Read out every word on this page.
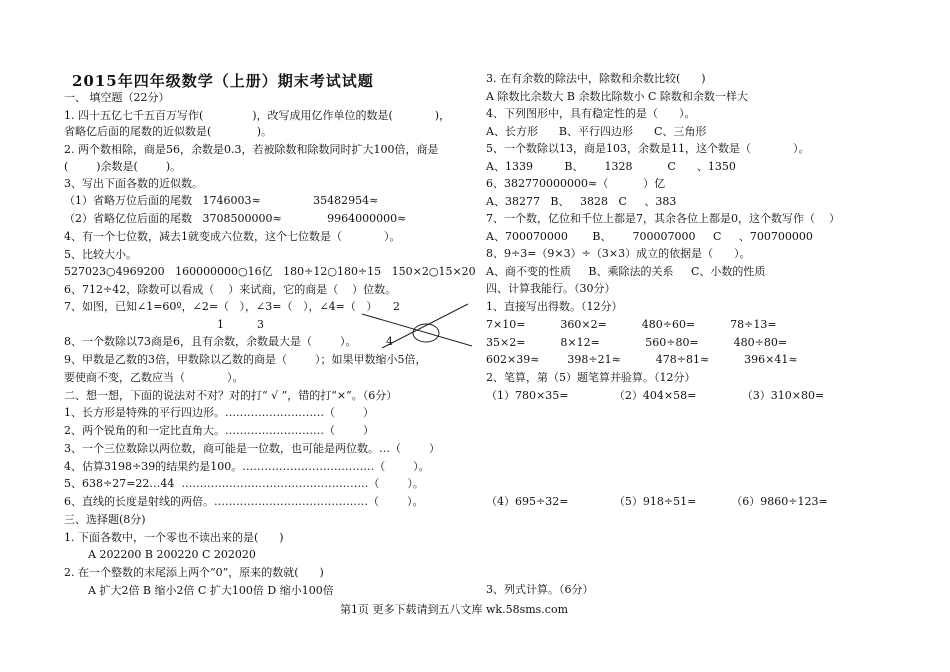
2015年四年级数学（上册）期末考试试题
一、 填空题（22分）
1. 四十五亿七千五百万写作(              )，改写成用亿作单位的数是(            )，
省略亿后面的尾数的近似数是(             )。
2. 两个数相除，商是56，余数是0.3，若被除数和除数同时扩大100倍，商是
(        )余数是(        )。
3、写出下面各数的近似数。
（1）省略万位后面的尾数   1746003≈               35482954≈
（2）省略亿位后面的尾数   3708500000≈             9964000000≈
4、有一个七位数，减去1就变成六位数，这个七位数是（            ）。
5、比较大小。
527023○4969200   160000000○16亿   180÷12○180÷15   150×2○15×20
6、712÷42，除数可以看成（    ）来试商，它的商是（    ）位数。
7、如图，已知∠1=60º，∠2=（   ），∠3=（   ），∠4=（   ） 2
1	3
4
8、一个数除以73商是6，且有余数，余数最大是（        ）。
9、甲数是乙数的3倍，甲数除以乙数的商是（        ）；如果甲数缩小5倍，
要使商不变，乙数应当（            ）。
二、想一想，下面的说法对不对？对的打“ √ ”，错的打“×”。（6分）
1、长方形是特殊的平行四边形。………………………（        ）
2、两个锐角的和一定比直角大。………………………（        ）
3、一个三位数除以两位数，商可能是一位数，也可能是两位数。…（        ）
4、估算3198÷39的结果约是100。………………………………（        ）。
5、638÷27=22…44  ……………………………………………（        ）。
6、直线的长度是射线的两倍。……………………………………（        ）。
三、选择题(8分)
1. 下面各数中，一个零也不读出来的是(      )
A 202200 B 200220 C 202020
2. 在一个整数的末尾添上两个“0”，原来的数就(      )
A 扩大2倍 B 缩小2倍 C 扩大100倍 D 缩小100倍
3. 在有余数的除法中，除数和余数比较(      )
A 除数比余数大 B 余数比除数小 C 除数和余数一样大
4、下列图形中，具有稳定性的是（      ）。
A、长方形      B、平行四边形      C、三角形
5、一个数除以13，商是103，余数是11，这个数是（            ）。
A、1339         B、      1328          C      、1350
6、382770000000≈（          ）亿
A、38277   B、   3828   C     、383
7、一个数，亿位和千位上都是7，其余各位上都是0，这个数写作（    ）
A、700070000       B、      700007000     C     、700700000
8、9÷3=（9×3）÷（3×3）成立的依据是（      ）。
A、商不变的性质     B、乘除法的关系     C、小数的性质
四、计算我能行。（30分）
1、直接写出得数。（12分）
7×10=          360×2=          480÷60=          78÷13=
35×2=          8×12=             560÷80=          480÷80=
602×39≈        398÷21≈          478÷81≈          396×41≈
2、笔算，第（5）题笔算并验算。（12分）
（1）780×35=             （2）404×58=             （3）310×80=
（4）695÷32=             （5）918÷51=          （6）9860÷123=
3、列式计算。（6分）
第1页 更多下载请到五八文库 wk.58sms.com
